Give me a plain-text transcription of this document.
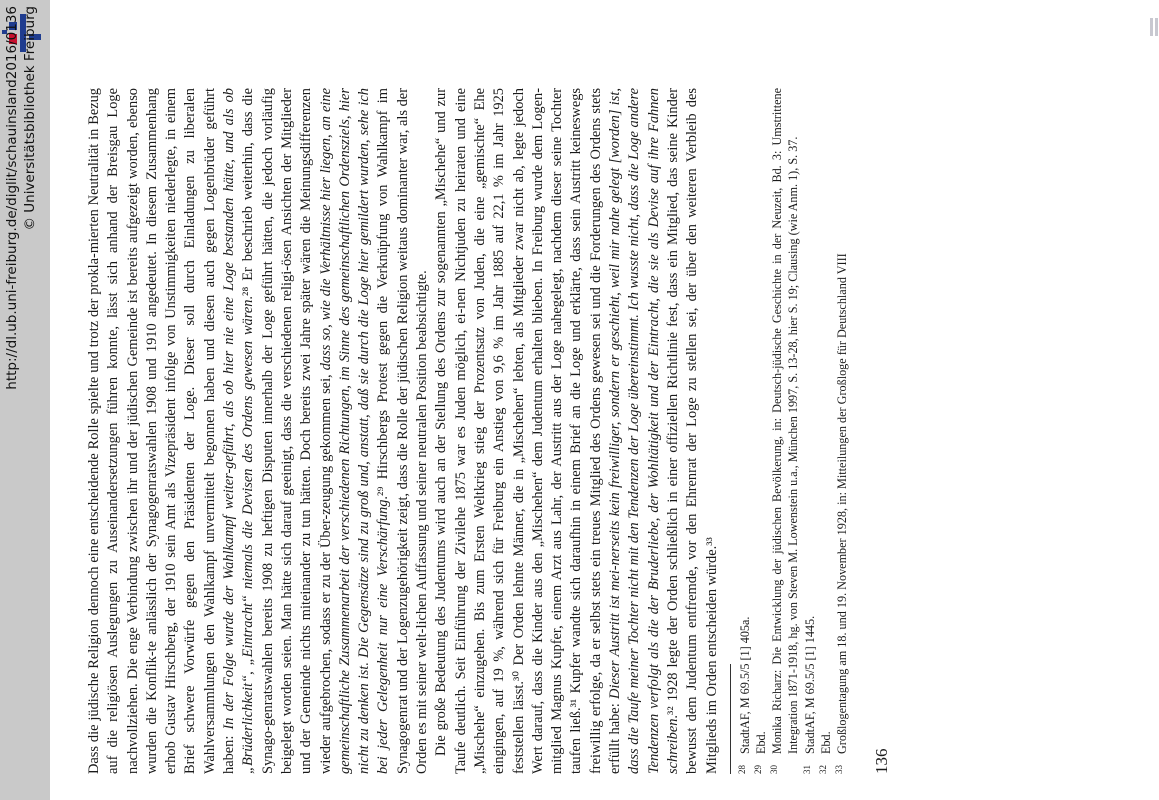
http://dl.ub.uni-freiburg.de/diglit/schauinsland2016/0136 © Universitätsbibliothek Freiburg	Dass die jüdische Religion dennoch eine entscheidende Rolle spielte und trotz der prokla-mierten Neutralität in Bezug auf die religiösen Auslegungen zu Auseinandersetzungen führen konnte, lässt sich anhand der Breisgau Loge nachvollziehen. Die enge Verbindung zwischen ihr und der jüdischen Gemeinde ist bereits aufgezeigt worden, ebenso wurden die Konflik-te anlässlich der Synagogenratswahlen 1908 und 1910 angedeutet. In diesem Zusammenhang erhob Gustav Hirschberg, der 1910 sein Amt als Vizepräsident infolge von Unstimmigkeiten niederlegte, in einem Brief schwere Vorwürfe gegen den Präsidenten der Loge. Dieser soll durch Einladungen zu liberalen Wahlversammlungen den Wahlkampf unvermittelt begonnen haben und diesen auch gegen Logenbrüder geführt haben: In der Folge wurde der Wahlkampf weiter-geführt, als ob hier nie eine Loge bestanden hätte, und als ob „Brüderlichkeit“, „Eintracht“ niemals die Devisen des Ordens gewesen wären.²⁸ Er beschrieb weiterhin, dass die Synago-genratswahlen bereits 1908 zu heftigen Disputen innerhalb der Loge geführt hätten, die jedoch vorläufig beigelegt worden seien. Man hätte sich darauf geeinigt, dass die verschiedenen religi-ösen Ansichten der Mitglieder und der Gemeinde nichts miteinander zu tun hätten. Doch bereits zwei Jahre später wären die Meinungsdifferenzen wieder aufgebrochen, sodass er zu der Über-zeugung gekommen sei, dass so, wie die Verhältnisse hier liegen, an eine gemeinschaftliche Zusammenarbeit der verschiedenen Richtungen, im Sinne des gemeinschaftlichen Ordensziels, hier nicht zu denken ist. Die Gegensätze sind zu groß und, anstatt, daß sie durch die Loge hier gemildert wurden, sehe ich bei jeder Gelegenheit nur eine Verschärfung.²⁹ Hirschbergs Protest gegen die Verknüpfung von Wahlkampf im Synagogenrat und der Logenzugehörigkeit zeigt, dass die Rolle der jüdischen Religion weitaus dominanter war, als der Orden es mit seiner welt-lichen Auffassung und seiner neutralen Position beabsichtigte. Die große Bedeutung des Judentums wird auch an der Stellung des Ordens zur sogenannten „Mischehe“ und zur Taufe deutlich. Seit Einführung der Zivilehe 1875 war es Juden möglich, ei-nen Nichtjuden zu heiraten und eine „Mischehe“ einzugehen. Bis zum Ersten Weltkrieg stieg der Prozentsatz von Juden, die eine „gemischte“ Ehe eingingen, auf 19 %, während sich für Freiburg ein Anstieg von 9,6 % im Jahr 1885 auf 22,1 % im Jahr 1925 feststellen lässt.³⁰ Der Orden lehnte Männer, die in „Mischehen“ lebten, als Mitglieder zwar nicht ab, legte jedoch Wert darauf, dass die Kinder aus den „Mischehen“ dem Judentum erhalten blieben. In Freiburg wurde dem Logen-mitglied Magnus Kupfer, einem Arzt aus Lahr, der Austritt aus der Loge nahegelegt, nachdem dieser seine Tochter taufen ließ.³¹ Kupfer wandte sich daraufhin in einem Brief an die Loge und erklärte, dass sein Austritt keineswegs freiwillig erfolge, da er selbst stets ein treues Mitglied des Ordens gewesen sei und die Forderungen des Ordens stets erfüllt habe: Dieser Austritt ist mei-nerseits kein freiwilliger, sondern er geschieht, weil mir nahe gelegt [worden] ist, dass die Taufe meiner Tochter nicht mit den Tendenzen der Loge übereinstimmt. Ich wusste nicht, dass die Loge andere Tendenzen verfolgt als die der Bruderliebe, der Wohltätigkeit und der Eintracht, die sie als Devise auf ihre Fahnen schreiben.³² 1928 legte der Orden schließlich in einer offiziellen Richtlinie fest, dass ein Mitglied, das seine Kinder bewusst dem Judentum entfremde, vor den Ehrenrat der Loge zu stellen sei, der über den weiteren Verbleib des Mitglieds im Orden entscheiden würde.³³	28
StadtAF, M 69.5/5 [1] 405a.
29
Ebd.
30
Monika Richarz: Die Entwicklung der jüdischen Bevölkerung, in: Deutsch-jüdische Geschichte in der Neuzeit, Bd. 3: Umstrittene Integration 1871-1918, hg. von Steven M. Lowenstein u.a., München 1997, S. 13-28, hier S. 19; Clausing (wie Anm. 1), S. 37.
31
StadtAF, M 69.5/5 [1] 1445.
32
Ebd.
33
Großlogentagung am 18. und 19. November 1928, in: Mitteilungen der Großloge für Deutschland VIII
136
